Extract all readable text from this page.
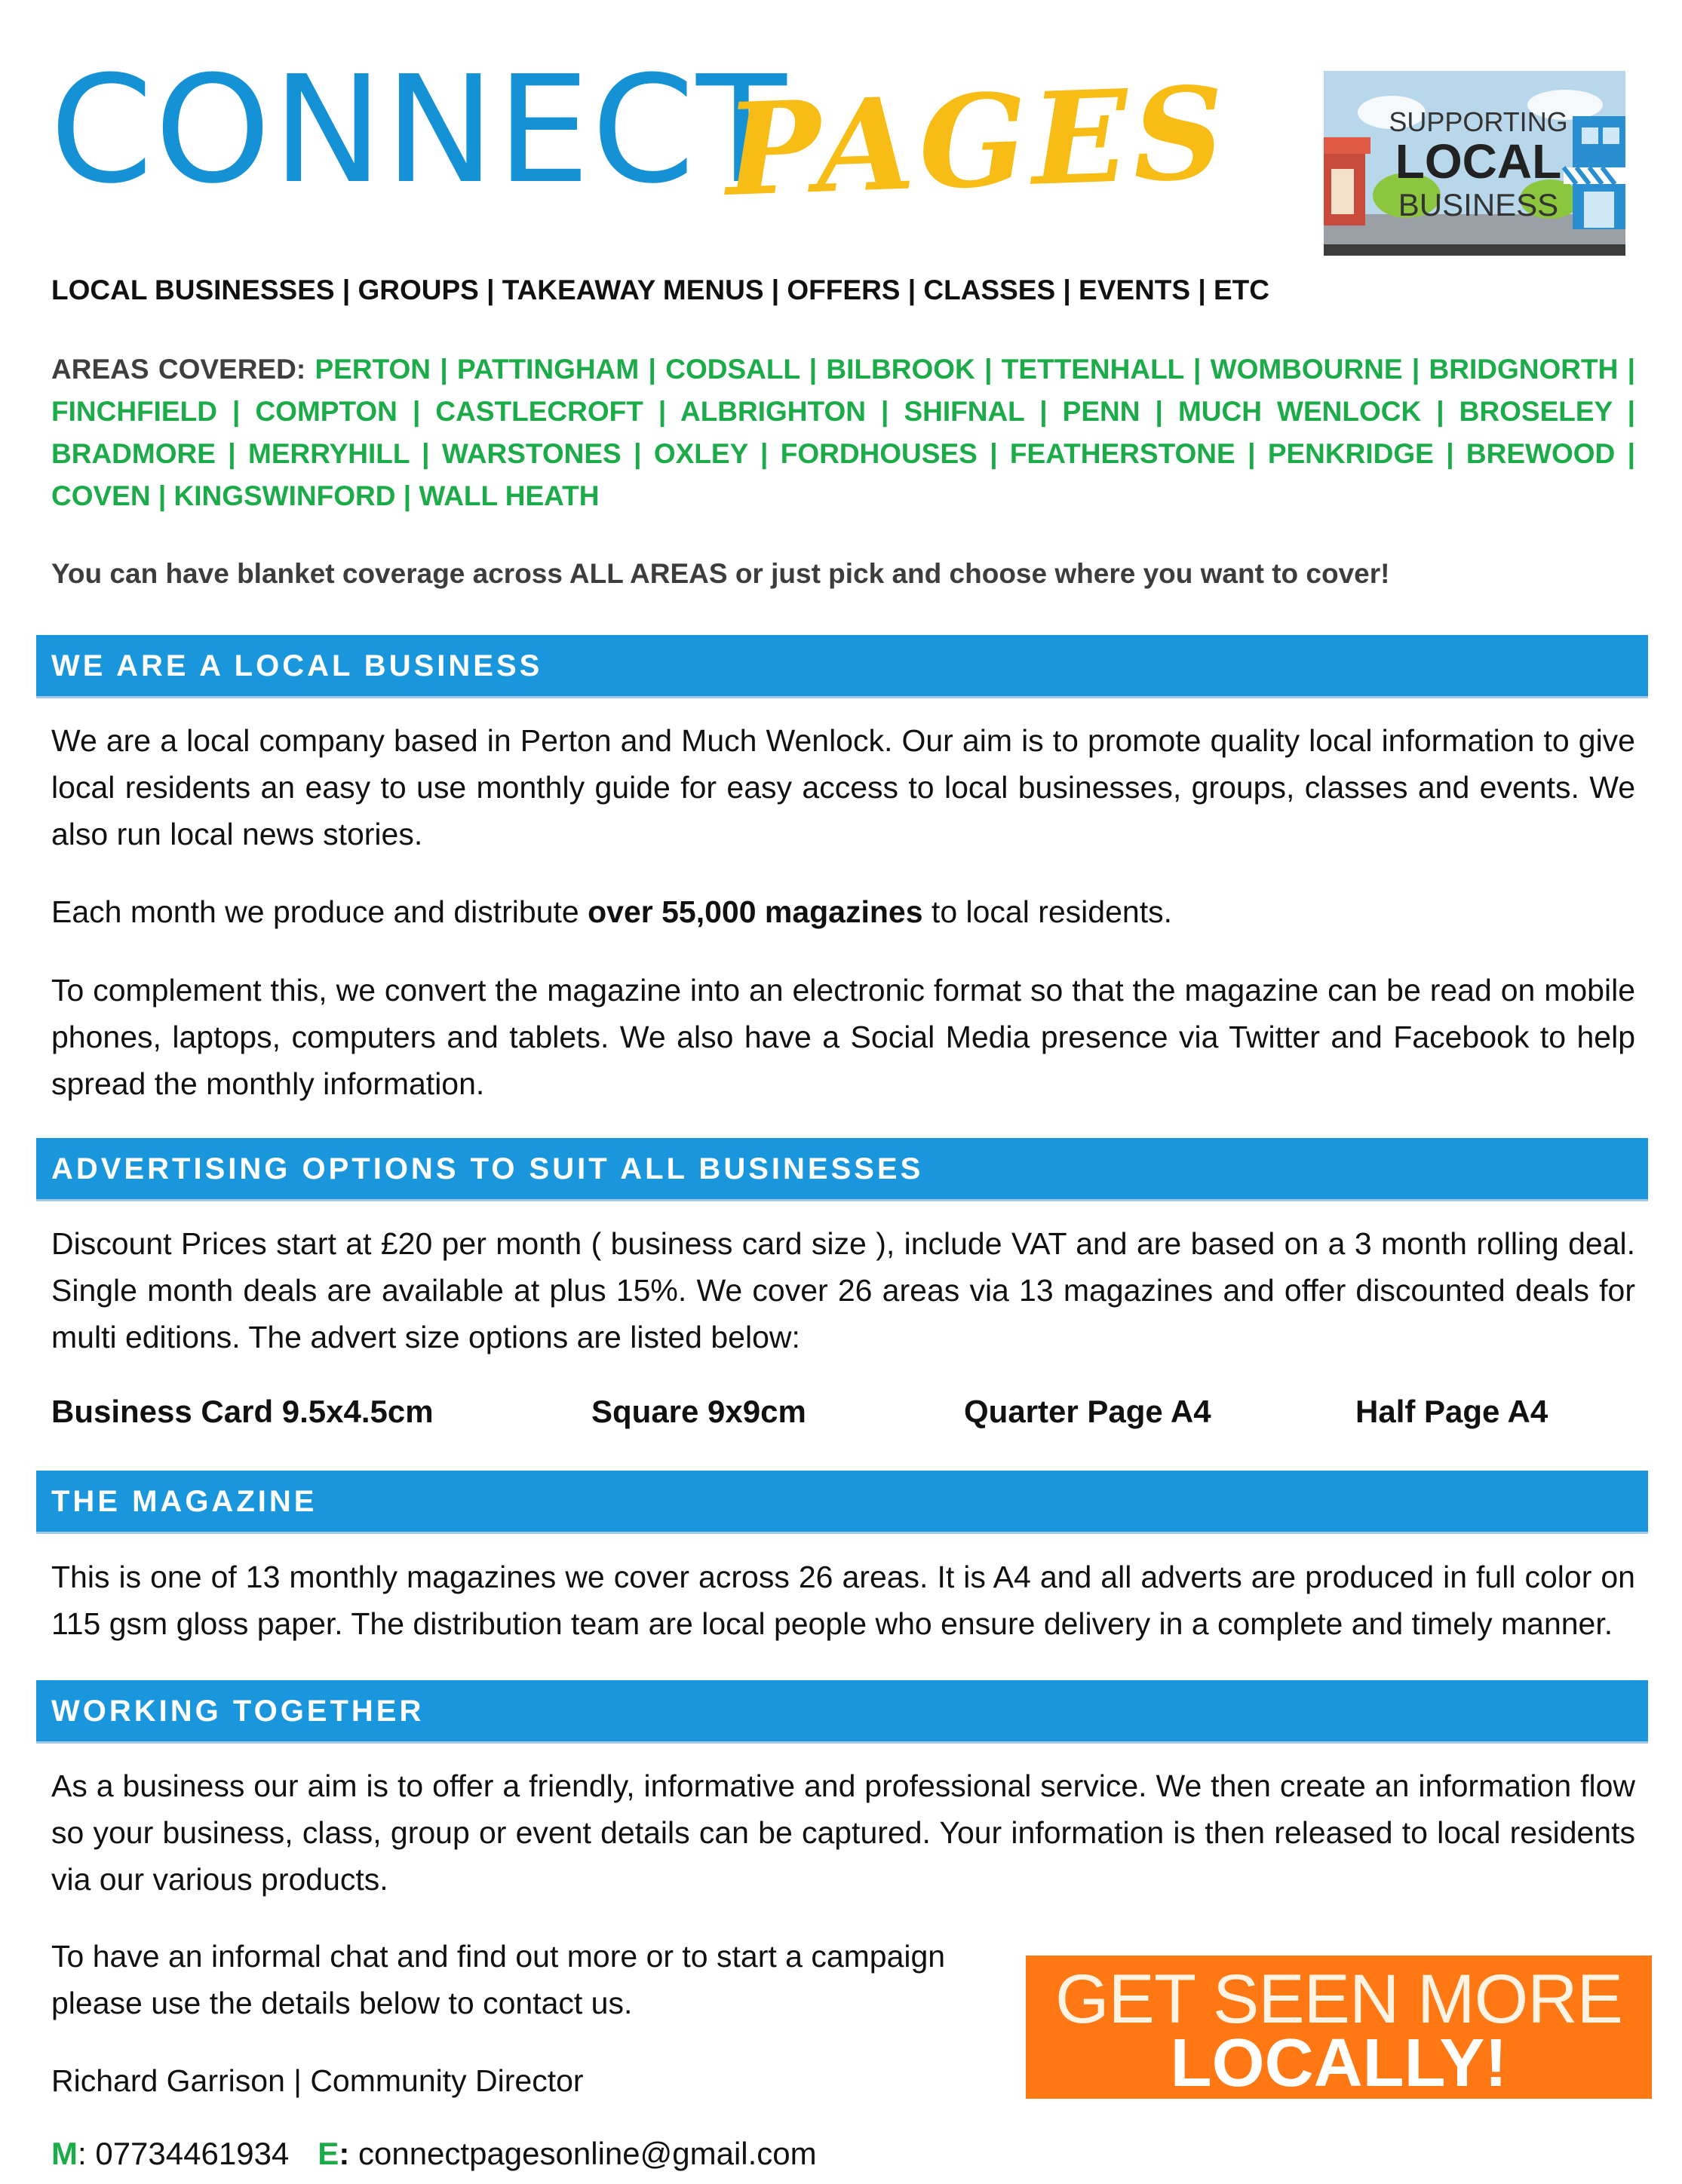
CONNECT
PAGES	SUPPORTING
LOCAL
BUSINESS
LOCAL BUSINESSES | GROUPS | TAKEAWAY MENUS | OFFERS | CLASSES | EVENTS | ETC
AREAS COVERED: PERTON | PATTINGHAM | CODSALL | BILBROOK | TETTENHALL | WOMBOURNE | BRIDGNORTH | FINCHFIELD | COMPTON | CASTLECROFT | ALBRIGHTON | SHIFNAL | PENN | MUCH WENLOCK | BROSELEY | BRADMORE | MERRYHILL | WARSTONES | OXLEY | FORDHOUSES | FEATHERSTONE | PENKRIDGE | BREWOOD | COVEN | KINGSWINFORD | WALL HEATH
You can have blanket coverage across ALL AREAS or just pick and choose where you want to cover!
WE ARE A LOCAL BUSINESS

We are a local company based in Perton and Much Wenlock. Our aim is to promote quality local information to give local residents an easy to use monthly guide for easy access to local businesses, groups, classes and events. We also run local news stories.

Each month we produce and distribute over 55,000 magazines to local residents.

To complement this, we convert the magazine into an electronic format so that the magazine can be read on mobile phones, laptops, computers and tablets. We also have a Social Media presence via Twitter and Facebook to help spread the monthly information.

ADVERTISING OPTIONS TO SUIT ALL BUSINESSES

Discount Prices start at £20 per month ( business card size ), include VAT and are based on a 3 month rolling deal. Single month deals are available at plus 15%. We cover 26 areas via 13 magazines and offer discounted deals for multi editions. The advert size options are listed below:

Business Card 9.5x4.5cm	Square 9x9cm	Quarter Page A4	Half Page A4
THE MAGAZINE

This is one of 13 monthly magazines we cover across 26 areas. It is A4 and all adverts are produced in full color on 115 gsm gloss paper. The distribution team are local people who ensure delivery in a complete and timely manner.

WORKING TOGETHER

As a business our aim is to offer a friendly, informative and professional service. We then create an information flow so your business, class, group or event details can be captured. Your information is then released to local residents via our various products.

To have an informal chat and find out more or to start a campaign please use the details below to contact us.

Richard Garrison | Community Director

GET SEEN MORE
LOCALLY!
M: 07734461934 E: connectpagesonline@gmail.com
